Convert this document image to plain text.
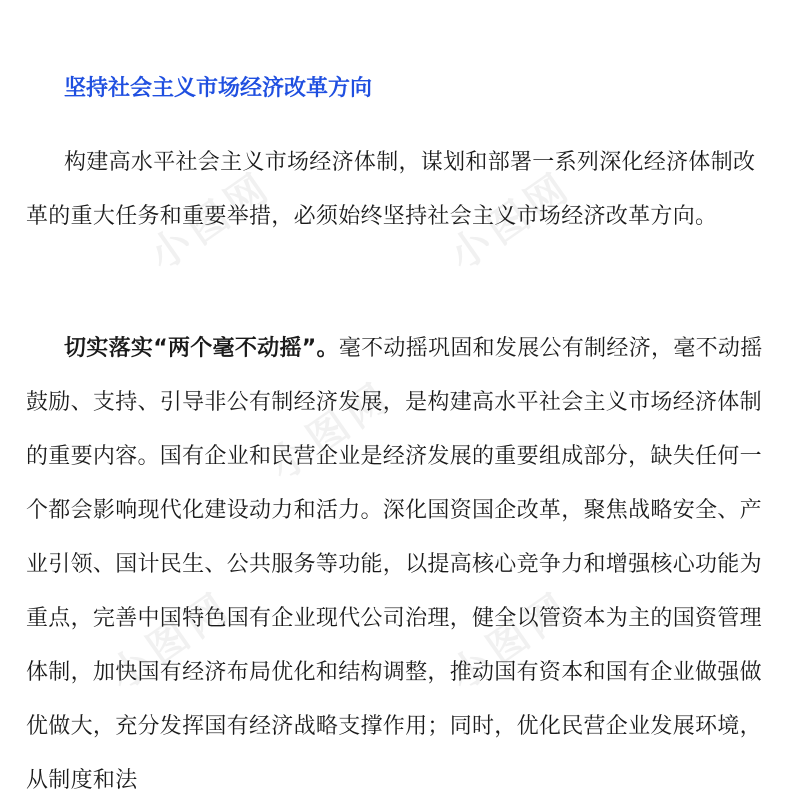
小图网	小图网
小图网
小图网	小图网
坚持社会主义市场经济改革方向

构建高水平社会主义市场经济体制，谋划和部署一系列深化经济体制改革的重大任务和重要举措，必须始终坚持社会主义市场经济改革方向。

切实落实“两个毫不动摇”。毫不动摇巩固和发展公有制经济，毫不动摇鼓励、支持、引导非公有制经济发展，是构建高水平社会主义市场经济体制的重要内容。国有企业和民营企业是经济发展的重要组成部分，缺失任何一个都会影响现代化建设动力和活力。深化国资国企改革，聚焦战略安全、产业引领、国计民生、公共服务等功能，以提高核心竞争力和增强核心功能为重点，完善中国特色国有企业现代公司治理，健全以管资本为主的国资管理体制，加快国有经济布局优化和结构调整，推动国有资本和国有企业做强做优做大，充分发挥国有经济战略支撑作用；同时，优化民营企业发展环境，从制度和法
